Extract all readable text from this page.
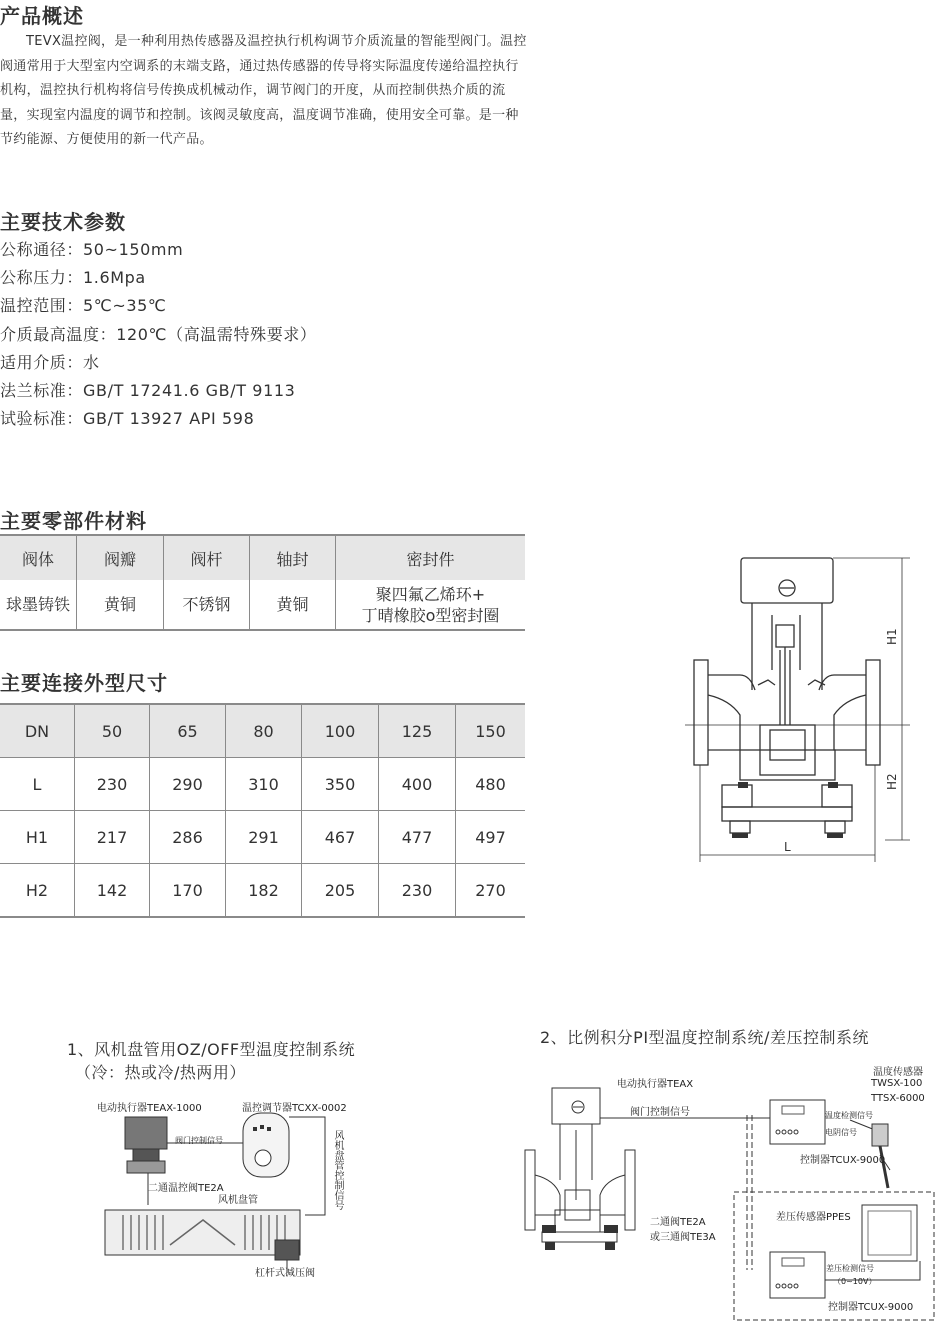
产品概述

TEVX温控阀，是一种利用热传感器及温控执行机构调节介质流量的智能型阀门。温控阀通常用于大型室内空调系的末端支路，通过热传感器的传导将实际温度传递给温控执行机构，温控执行机构将信号传换成机械动作，调节阀门的开度，从而控制供热介质的流量，实现室内温度的调节和控制。该阀灵敏度高，温度调节准确，使用安全可靠。是一种节约能源、方便使用的新一代产品。

主要技术参数
公称通径：50~150mm
公称压力：1.6Mpa
温控范围：5℃~35℃
介质最高温度：120℃（高温需特殊要求）
适用介质：水
法兰标准：GB/T 17241.6 GB/T 9113
试验标准：GB/T 13927 API 598
主要零部件材料
阀体	阀瓣	阀杆	轴封	密封件
球墨铸铁	黄铜	不锈钢	黄铜	聚四氟乙烯环+
丁晴橡胶o型密封圈
主要连接外型尺寸
DN	50	65	80	100	125	150
L	230	290	310	350	400	480
H1	217	286	291	467	477	497
H2	142	170	182	205	230	270
H1
H2
L
1、风机盘管用OZ/OFF型温度控制系统
（冷：热或冷/热两用）
电动执行器TEAX-1000	温控调节器TCXX-0002
阀门控制信号	风机盘管控制信号
二通温控阀TE2A
风机盘管
杠杆式减压阀
2、比例积分PI型温度控制系统/差压控制系统
电动执行器TEAX
阀门控制信号
温度传感器
TWSX-100
TTSX-6000
温度检测信号
电阴信号
控制器TCUX-9000
二通阀TE2A
或三通阀TE3A
差压传感器PPES
差压检测信号
（0~10V）
控制器TCUX-9000
